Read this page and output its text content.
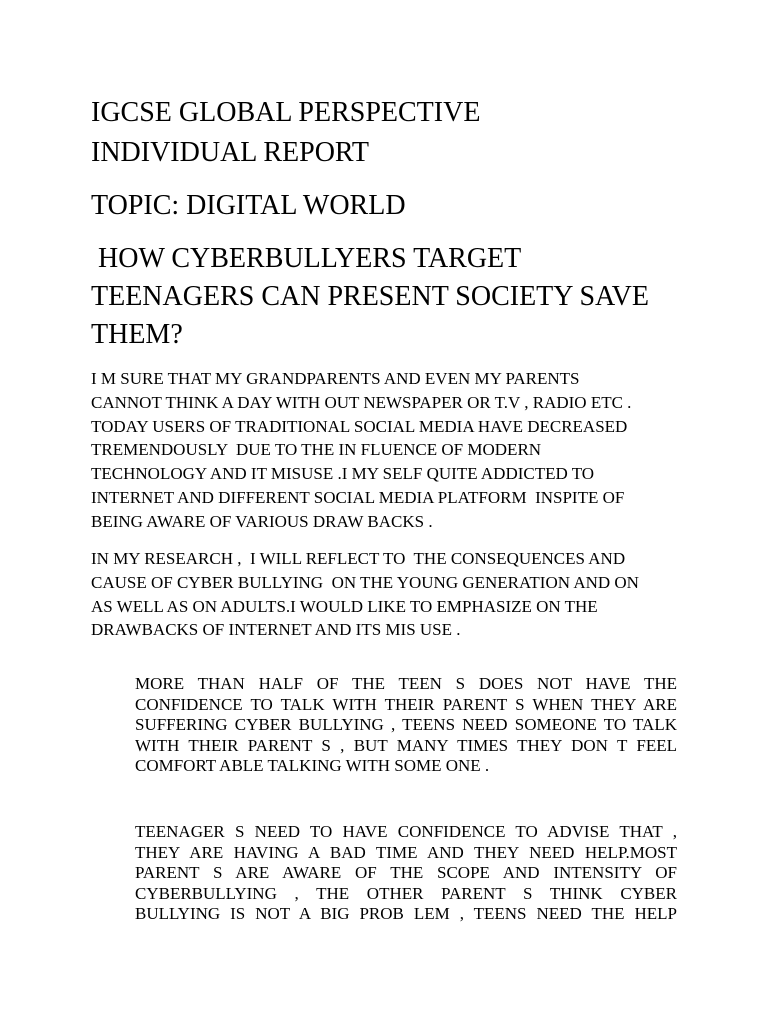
IGCSE GLOBAL PERSPECTIVE
INDIVIDUAL REPORT
TOPIC: DIGITAL WORLD
HOW CYBERBULLYERS TARGET
TEENAGERS CAN PRESENT SOCIETY SAVE
THEM?

I M SURE THAT MY GRANDPARENTS AND EVEN MY PARENTS
CANNOT THINK A DAY WITH OUT NEWSPAPER OR T.V , RADIO ETC .
TODAY USERS OF TRADITIONAL SOCIAL MEDIA HAVE DECREASED
TREMENDOUSLY  DUE TO THE IN FLUENCE OF MODERN
TECHNOLOGY AND IT MISUSE .I MY SELF QUITE ADDICTED TO
INTERNET AND DIFFERENT SOCIAL MEDIA PLATFORM  INSPITE OF
BEING AWARE OF VARIOUS DRAW BACKS .

IN MY RESEARCH ,  I WILL REFLECT TO  THE CONSEQUENCES AND
CAUSE OF CYBER BULLYING  ON THE YOUNG GENERATION AND ON
AS WELL AS ON ADULTS.I WOULD LIKE TO EMPHASIZE ON THE
DRAWBACKS OF INTERNET AND ITS MIS USE .

MORE THAN HALF OF THE TEEN S DOES NOT HAVE THE
CONFIDENCE TO TALK WITH THEIR PARENT S WHEN THEY ARE
SUFFERING CYBER BULLYING , TEENS NEED SOMEONE TO TALK
WITH THEIR PARENT S , BUT MANY TIMES THEY DON T FEEL
COMFORT ABLE TALKING WITH SOME ONE .

TEENAGER S NEED TO HAVE CONFIDENCE TO ADVISE THAT ,
THEY ARE HAVING A BAD TIME AND THEY NEED HELP.MOST
PARENT S ARE AWARE OF THE SCOPE AND INTENSITY OF
CYBERBULLYING , THE OTHER PARENT S THINK CYBER
BULLYING IS NOT A BIG PROB LEM , TEENS NEED THE HELP
